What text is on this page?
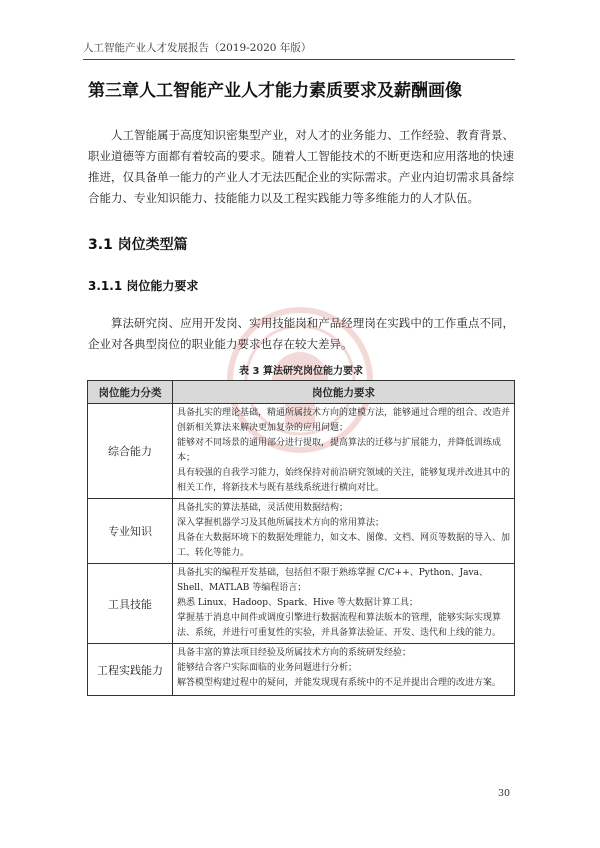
人工智能产业人才发展报告（2019-2020 年版）
第三章人工智能产业人才能力素质要求及薪酬画像

人工智能属于高度知识密集型产业，对人才的业务能力、工作经验、教育背景、职业道德等方面都有着较高的要求。随着人工智能技术的不断更迭和应用落地的快速推进，仅具备单一能力的产业人才无法匹配企业的实际需求。产业内迫切需求具备综合能力、专业知识能力、技能能力以及工程实践能力等多维能力的人才队伍。

3.1 岗位类型篇
3.1.1 岗位能力要求

算法研究岗、应用开发岗、实用技能岗和产品经理岗在实践中的工作重点不同，企业对各典型岗位的职业能力要求也存在较大差异。

表 3 算法研究岗位能力要求
岗位能力分类	岗位能力要求
综合能力	具备扎实的理论基础，精通所属技术方向的建模方法，能够通过合理的组合、改造并创新相关算法来解决更加复杂的应用问题；
能够对不同场景的通用部分进行提取，提高算法的迁移与扩展能力，并降低训练成本；
具有较强的自我学习能力，始终保持对前沿研究领域的关注，能够复现并改进其中的相关工作，将新技术与既有基线系统进行横向对比。

专业知识	具备扎实的算法基础，灵活使用数据结构；
深入掌握机器学习及其他所属技术方向的常用算法；
具备在大数据环境下的数据处理能力，如文本、图像、文档、网页等数据的导入、加工、转化等能力。

工具技能	具备扎实的编程开发基础，包括但不限于熟练掌握 C/C++、Python、Java、Shell、MATLAB 等编程语言；
熟悉 Linux、Hadoop、Spark、Hive 等大数据计算工具；
掌握基于消息中间件或调度引擎进行数据流程和算法版本的管理，能够实际实现算法、系统，并进行可重复性的实验，并具备算法验证、开发、迭代和上线的能力。

工程实践能力	具备丰富的算法项目经验及所属技术方向的系统研发经验；
能够结合客户实际面临的业务问题进行分析；
解答模型构建过程中的疑问，并能发现现有系统中的不足并提出合理的改进方案。
30
